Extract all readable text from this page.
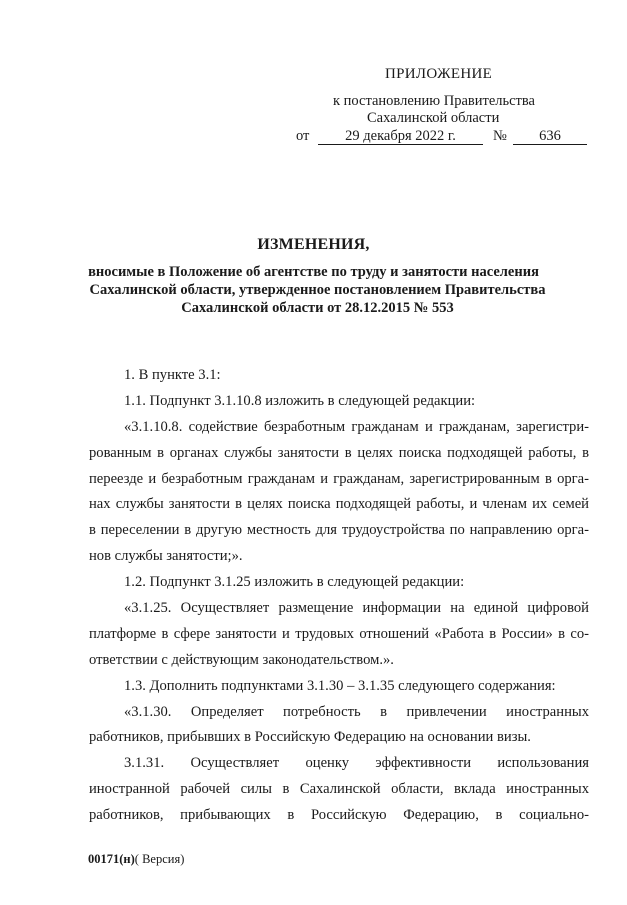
ПРИЛОЖЕНИЕ

к постановлению Правительства

Сахалинской области

от	29 декабря 2022 г.	№	636

ИЗМЕНЕНИЯ,

вносимые в Положение об агентстве по труду и занятости населения

Сахалинской области, утвержденное постановлением Правительства

Сахалинской области от 28.12.2015 № 553

1. В пункте 3.1:

1.1. Подпункт 3.1.10.8 изложить в следующей редакции:

«3.1.10.8. содействие безработным гражданам и гражданам, зарегистри-

рованным в органах службы занятости в целях поиска подходящей работы, в

переезде и безработным гражданам и гражданам, зарегистрированным в орга-

нах службы занятости в целях поиска подходящей работы, и членам их семей

в переселении в другую местность для трудоустройства по направлению орга-

нов службы занятости;».

1.2. Подпункт 3.1.25 изложить в следующей редакции:

«3.1.25. Осуществляет размещение информации на единой цифровой

платформе в сфере занятости и трудовых отношений «Работа в России» в со-

ответствии с действующим законодательством.».

1.3. Дополнить подпунктами 3.1.30 – 3.1.35 следующего содержания:

«3.1.30. Определяет потребность в привлечении иностранных

работников, прибывших в Российскую Федерацию на основании визы.

3.1.31. Осуществляет оценку эффективности использования

иностранной рабочей силы в Сахалинской области, вклада иностранных

работников, прибывающих в Российскую Федерацию, в социально-

00171(н)( Версия)
